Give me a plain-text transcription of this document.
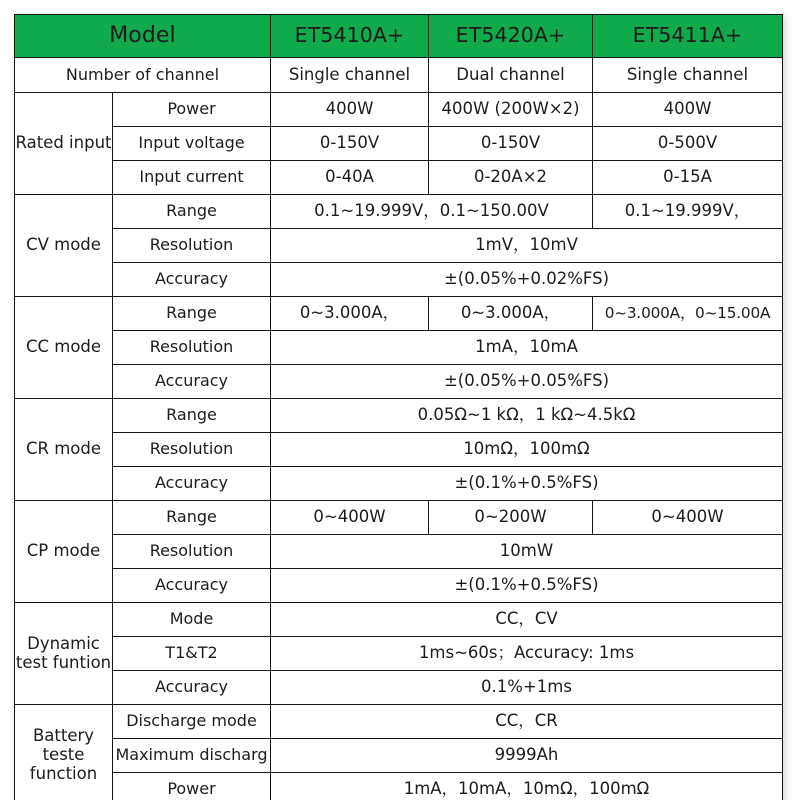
Model		ET5410A+	ET5420A+	ET5411A+
Number of channel		Single channel	Dual channel	Single channel
Rated input	Power	400W	400W (200W×2)	400W
	Input voltage	0-150V	0-150V	0-500V
	Input current	0-40A	0-20A×2	0-15A
CV mode	Range	0.1~19.999V，0.1~150.00V		0.1~19.999V，
	Resolution	1mV，10mV		
	Accuracy	±(0.05%+0.02%FS)		
CC mode	Range	0~3.000A，	0~3.000A，	0~3.000A，0~15.00A
	Resolution	1mA，10mA		
	Accuracy	±(0.05%+0.05%FS)		
CR mode	Range	0.05Ω~1 kΩ，1 kΩ~4.5kΩ		
	Resolution	10mΩ，100mΩ		
	Accuracy	±(0.1%+0.5%FS)		
CP mode	Range	0~400W	0~200W	0~400W
	Resolution	10mW		
	Accuracy	±(0.1%+0.5%FS)		
Dynamic test funtion	Mode	CC，CV		
	T1&T2	1ms~60s；Accuracy: 1ms		
	Accuracy	0.1%+1ms		
Battery teste function	Discharge mode	CC，CR		
	Maximum discharg	9999Ah		
	Power	1mA，10mA，10mΩ，100mΩ		
